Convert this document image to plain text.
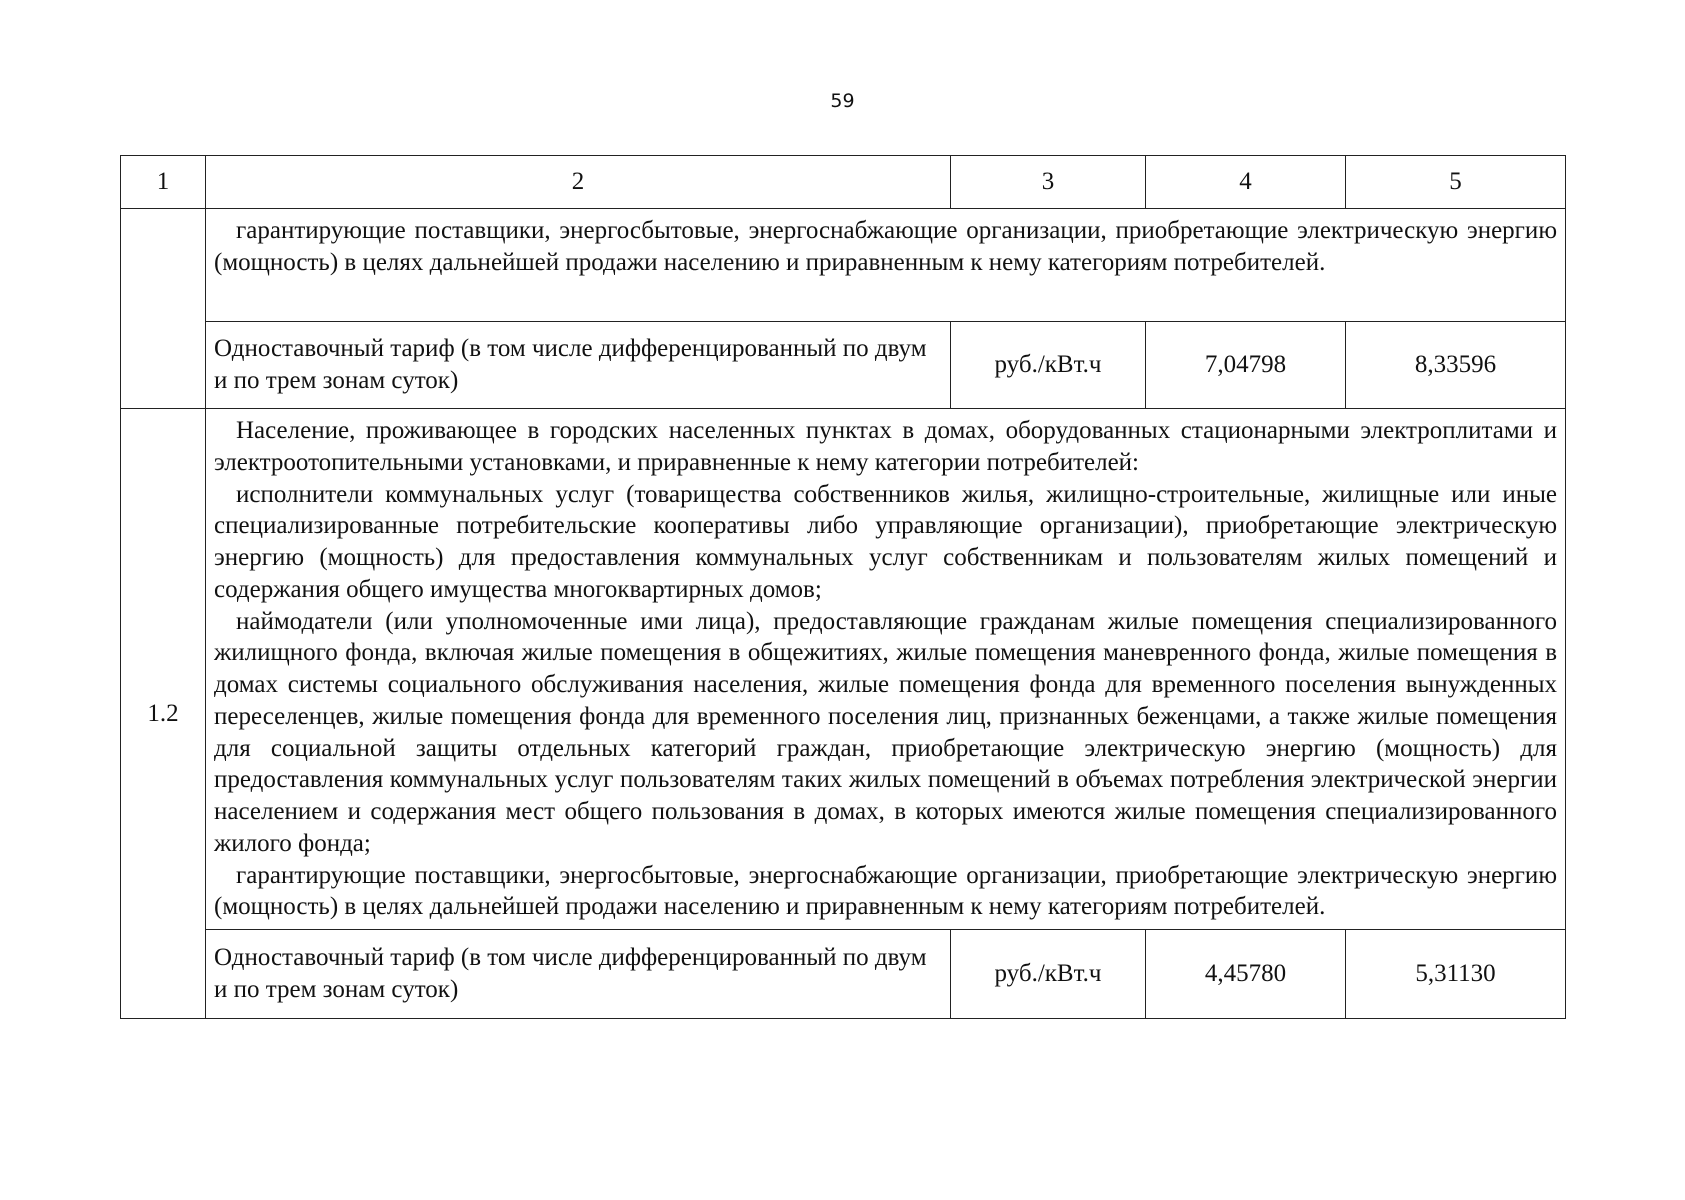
59
1	2	3	4	5

	гарантирующие поставщики, энергосбытовые, энергоснабжающие организации, приобретающие электрическую энергию (мощность) в целях дальнейшей продажи населению и приравненным к нему категориям потребителей.			

	Одноставочный тариф (в том числе дифференцированный по двум и по трем зонам суток)	руб./кВт.ч	7,04798	8,33596
1.2	Население, проживающее в городских населенных пунктах в домах, оборудованных стационарными электроплитами и электроотопительными установками, и приравненные к нему категории потребителей:

исполнители коммунальных услуг (товарищества собственников жилья, жилищно-строительные, жилищные или иные специализированные потребительские кооперативы либо управляющие организации), приобретающие электрическую энергию (мощность) для предоставления коммунальных услуг собственникам и пользователям жилых помещений и содержания общего имущества многоквартирных домов;

наймодатели (или уполномоченные ими лица), предоставляющие гражданам жилые помещения специализированного жилищного фонда, включая жилые помещения в общежитиях, жилые помещения маневренного фонда, жилые помещения в домах системы социального обслуживания населения, жилые помещения фонда для временного поселения вынужденных переселенцев, жилые помещения фонда для временного поселения лиц, признанных беженцами, а также жилые помещения для социальной защиты отдельных категорий граждан, приобретающие электрическую энергию (мощность) для предоставления коммунальных услуг пользователям таких жилых помещений в объемах потребления электрической энергии населением и содержания мест общего пользования в домах, в которых имеются жилые помещения специализированного жилого фонда;

гарантирующие поставщики, энергосбытовые, энергоснабжающие организации, приобретающие электрическую энергию (мощность) в целях дальнейшей продажи населению и приравненным к нему категориям потребителей.			

	Одноставочный тариф (в том числе дифференцированный по двум и по трем зонам суток)	руб./кВт.ч	4,45780	5,31130
